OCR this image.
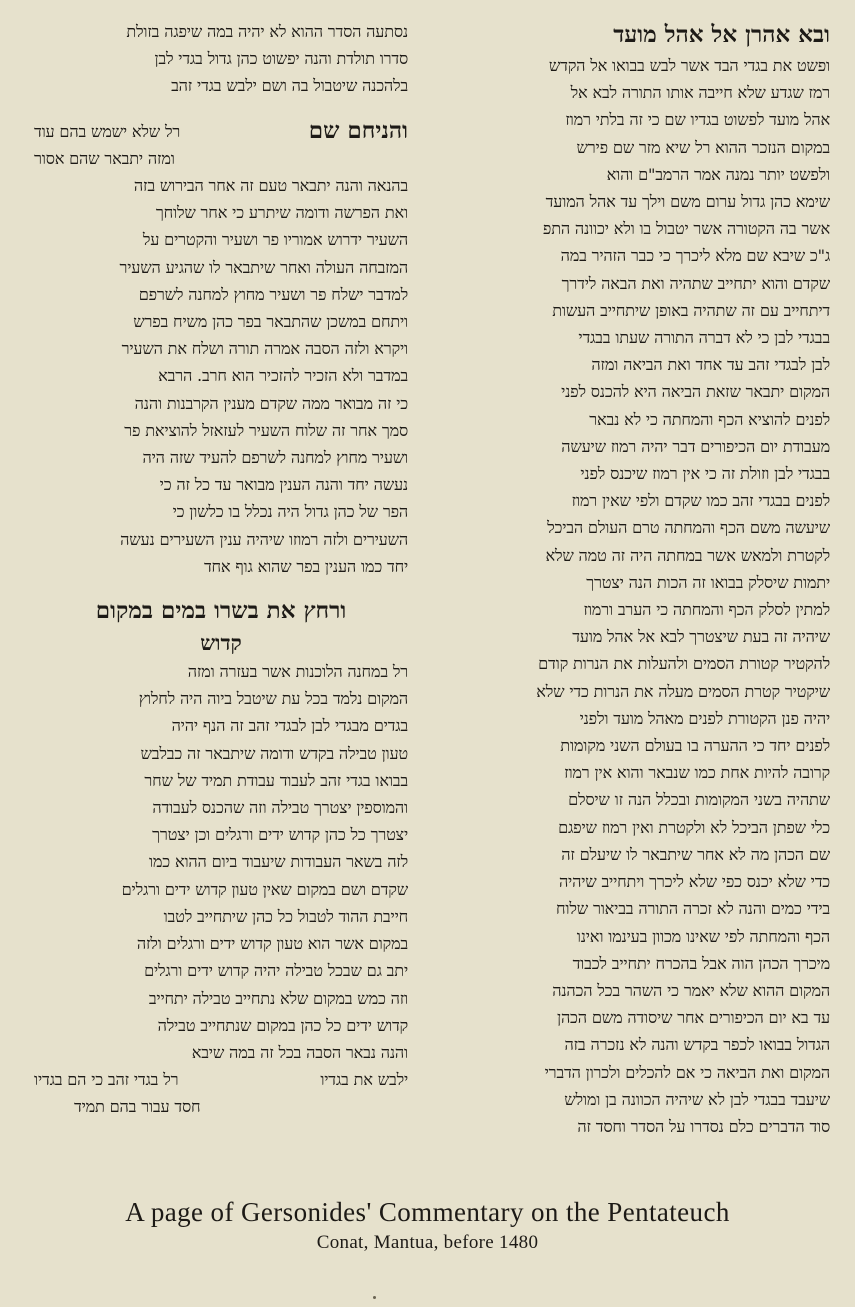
ובא אהרן אל אהל מועד
ופשט את בגדי הבד אשר לבש בבואו אל הקדש
רמז שגדע שלא חייבה אותו התורה לבא אל
אהל מועד לפשוט בגדיו שם כי זה בלתי רמוז
במקום הנזכר ההוא רל שיא מזר שם פירש
ולפשט יותר נמנה אמר הרמב"ם והוא
שימא כהן גדול ערום משם וילך עד אהל המועד
אשר בה הקטורה אשר יטבול בו ולא יכוונה התפ
ג"כ שיבא שם מלא ליכרך כי כבר הזהיר במה
שקדם והוא יתחייב שתהיה ואת הבאה לידרך
דיתחייב עם זה שתהיה באופן שיתחייב העשות
בבגדי לבן כי לא דברה התורה שעתו בבגדי
לבן לבגדי זהב עד אחד ואת הביאה ומזה
המקום יתבאר שזאת הביאה היא להכנס לפני
לפנים להוציא הכף והמחתה כי לא נבאר
מעבודת יום הכיפורים דבר יהיה רמוז שיעשה
בבגדי לבן וזולת זה כי אין רמוז שיכנס לפני
לפנים בבגדי זהב כמו שקדם ולפי שאין רמוז
שיעשה משם הכף והמחתה טרם העולם הביכל
לקטרת ולמאש אשר במחתה היה זה טמה שלא
יתמות שיסלק בבואו זה הכות הנה יצטרך
למתין לסלק הכף והמחתה כי הערב ורמוז
שיהיה זה בעת שיצטרך לבא אל אהל מועד
להקטיר קטורת הסמים ולהעלות את הנרות קודם
שיקטיר קטרת הסמים מעלה את הנרות כדי שלא
יהיה פנן הקטורת לפנים מאהל מועד ולפני
לפנים יחד כי ההערה בו בעולם השני מקומות
קרובה להיות אחת כמו שנבאר והוא אין רמוז
שתהיה בשני המקומות ובכלל הנה זו שיסלם
כלי שפתן הביכל לא ולקטרת ואין רמוז שיפגם
שם הכהן מה לא אחר שיתבאר לו שיעלם זה
כדי שלא יכנס כפי שלא ליכרך ויתחייב שיהיה
בידי כמים והנה לא זכרה התורה בביאור שלוח
הכף והמחתה לפי שאינו מכוון בעינמו ואינו
מיכרך הכהן הוה אבל בהכרח יתחייב לכבוד
המקום ההוא שלא יאמר כי השהר בכל הכהנה
עד בא יום הכיפורים אחר שיסודה משם הכהן
הגדול בבואו לכפר בקדש והנה לא נזכרה בזה
המקום ואת הביאה כי אם להכלים ולכרון הדברי
שיעבד בבגדי לבן לא שיהיה הכוונה בן ומולש
סוד הדברים כלם נסדרו על הסדר וחסד זה
נסתעה הסדר ההוא לא יהיה במה שיפגה בזולת
סדרו תולדת והנה יפשוט כהן גדול בגדי לבן
בלהכנה שיטבול בה ושם ילבש בגדי זהב
והניחם שם
רל שלא ישמש בהם עוד
ומזה יתבאר שהם אסור
בהנאה והנה יתבאר טעם זה אחר הבירוש בזה
ואת הפרשה ודומה שיתרע כי אחר שלוחך
השעיר ידרוש אמוריו פר ושעיר והקטרים על
המזבחה העולה ואחר שיתבאר לו שהגיע השעיר
למדבר ישלח פר ושעיר מחוץ למחנה לשרפם
ויתחם במשכן שהתבאר בפר כהן משיח בפרש
ויקרא ולזה הסבה אמרה תורה ושלח את השעיר
במדבר ולא הזכיר להזכיר הוא חרב. הרבא
כי זה מבואר ממה שקדם מענין הקרבנות והנה
סמך אחר זה שלוח השעיר לעזאזל להוציאת פר
ושעיר מחוץ למחנה לשרפם להעיד שזה היה
נעשה יחד והנה הענין מבואר עד כל זה כי
הפר של כהן גדול היה נכלל בו כלשון כי
השעירים ולזה רמוזו שיהיה ענין השעירים נעשה
יחד כמו הענין בפר שהוא גוף אחד
ורחץ את בשרו במים במקום
קדוש
רל במחנה הלוכנות אשר בעזרה ומזה
המקום נלמד בכל עת שיטבל ביוה היה לחלוץ
בגדים מבגדי לבן לבגדי זהב זה הנף יהיה
טעון טבילה בקדש ודומה שיתבאר זה כבלבש
בבואו בגדי זהב לעבוד עבודת תמיד של שחר
והמוספין יצטרך טבילה וזה שהכנס לעבודה
יצטרך כל כהן קדוש ידים ורגלים וכן יצטרך
לזה בשאר העבודות שיעבוד ביום ההוא כמו
שקדם ושם במקום שאין טעון קדוש ידים ורגלים
חייבת ההוד לטבול כל כהן שיתחייב לטבו
במקום אשר הוא טעון קדוש ידים ורגלים ולזה
יתב גם שבכל טבילה יהיה קדוש ידים ורגלים
וזה כמש במקום שלא נתחייב טבילה יתחייב
קדוש ידים כל כהן במקום שנתחייב טבילה
והנה נבאר הסבה בכל זה במה שיבא
ילבש את בגדיו
רל בגדי זהב כי הם בגדיו
חסד עבור בהם תמיד
A page of Gersonides' Commentary on the Pentateuch
Conat, Mantua, before 1480
